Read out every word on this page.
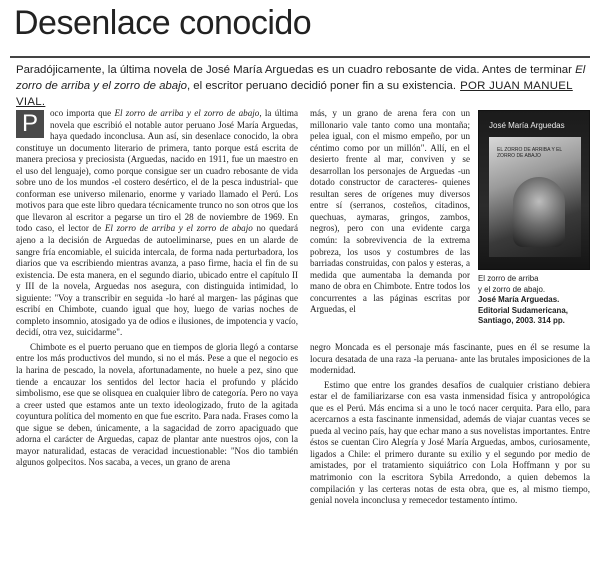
Desenlace conocido
Paradójicamente, la última novela de José María Arguedas es un cuadro rebosante de vida. Antes de terminar El zorro de arriba y el zorro de abajo, el escritor peruano decidió poner fin a su existencia. POR JUAN MANUEL VIAL.

P	oco importa que El zorro de arriba y el zorro de abajo, la última novela que escribió el notable autor peruano José María Arguedas, haya quedado inconclusa. Aun así, sin desenlace conocido, la obra constituye un documento literario de primera, tanto porque está escrita de manera preciosa y preciosista (Arguedas, nacido en 1911, fue un maestro en el uso del lenguaje), como porque consigue ser un cuadro rebosante de vida sobre uno de los mundos -el costero desértico, el de la pesca industrial- que conforman ese universo milenario, enorme y variado llamado el Perú. Los motivos para que este libro quedara técnicamente trunco no son otros que los que llevaron al escritor a pegarse un tiro el 28 de noviembre de 1969. En todo caso, el lector de El zorro de arriba y el zorro de abajo no quedará ajeno a la decisión de Arguedas de autoeliminarse, pues en un alarde de sangre fría encomiable, el suicida intercala, de forma nada perturbadora, los diarios que va escribiendo mientras avanza, a paso firme, hacia el fin de su existencia. De esta manera, en el segundo diario, ubicado entre el capítulo II y III de la novela, Arguedas nos asegura, con distinguida intimidad, lo siguiente: "Voy a transcribir en seguida -lo haré al margen- las páginas que escribí en Chimbote, cuando igual que hoy, luego de varias noches de completo insomnio, atosigado ya de odios e ilusiones, de impotencia y vacío, decidí, otra vez, suicidarme".

Chimbote es el puerto peruano que en tiempos de gloria llegó a contarse entre los más productivos del mundo, si no el más. Pese a que el negocio es la harina de pescado, la novela, afortunadamente, no huele a pez, sino que tiende a encauzar los sentidos del lector hacia el profundo y plácido simbolismo, ese que se olisquea en cualquier libro de categoría. Pero no vaya a creer usted que estamos ante un texto ideologizado, fruto de la agitada coyuntura política del momento en que fue escrito. Para nada. Frases como la que sigue se deben, únicamente, a la sagacidad de zorro apaciguado que adorna el carácter de Arguedas, capaz de plantar ante nuestros ojos, con la mayor naturalidad, estacas de veracidad incuestionable: "Nos dio también algunos golpecitos. Nos sacaba, a veces, un grano de arena

más, y un grano de arena fera con un millonario vale tanto como una montaña; pelea igual, con el mismo empeño, por un céntimo como por un millón". Allí, en el desierto frente al mar, conviven y se desarrollan los personajes de Arguedas -un dotado constructor de caracteres- quienes resultan seres de orígenes muy diversos entre sí (serranos, costeños, citadinos, quechuas, aymaras, gringos, zambos, negros), pero con una evidente carga común: la sobrevivencia de la extrema pobreza, los usos y costumbres de las barriadas construidas, con palos y esteras, a medida que aumentaba la demanda por mano de obra en Chimbote. Entre todos los concurrentes a las páginas escritas por Arguedas, el

José María Arguedas
EL ZORRO DE ARRIBA Y EL ZORRO DE ABAJO
El zorro de arriba
y el zorro de abajo.
José María Arguedas.
Editorial Sudamericana,
Santiago, 2003. 314 pp.

negro Moncada es el personaje más fascinante, pues en él se resume la locura desatada de una raza -la peruana- ante las brutales imposiciones de la modernidad.

Estimo que entre los grandes desafíos de cualquier cristiano debiera estar el de familiarizarse con esa vasta inmensidad física y antropológica que es el Perú. Más encima si a uno le tocó nacer cerquita. Para ello, para acercarnos a esta fascinante inmensidad, además de viajar cuantas veces se pueda al vecino país, hay que echar mano a sus novelistas importantes. Entre éstos se cuentan Ciro Alegría y José María Arguedas, ambos, curiosamente, ligados a Chile: el primero durante su exilio y el segundo por medio de amistades, por el tratamiento siquiátrico con Lola Hoffmann y por su matrimonio con la escritora Sybila Arredondo, a quien debemos la compilación y las certeras notas de esta obra, que es, al mismo tiempo, genial novela inconclusa y remecedor testamento íntimo.
